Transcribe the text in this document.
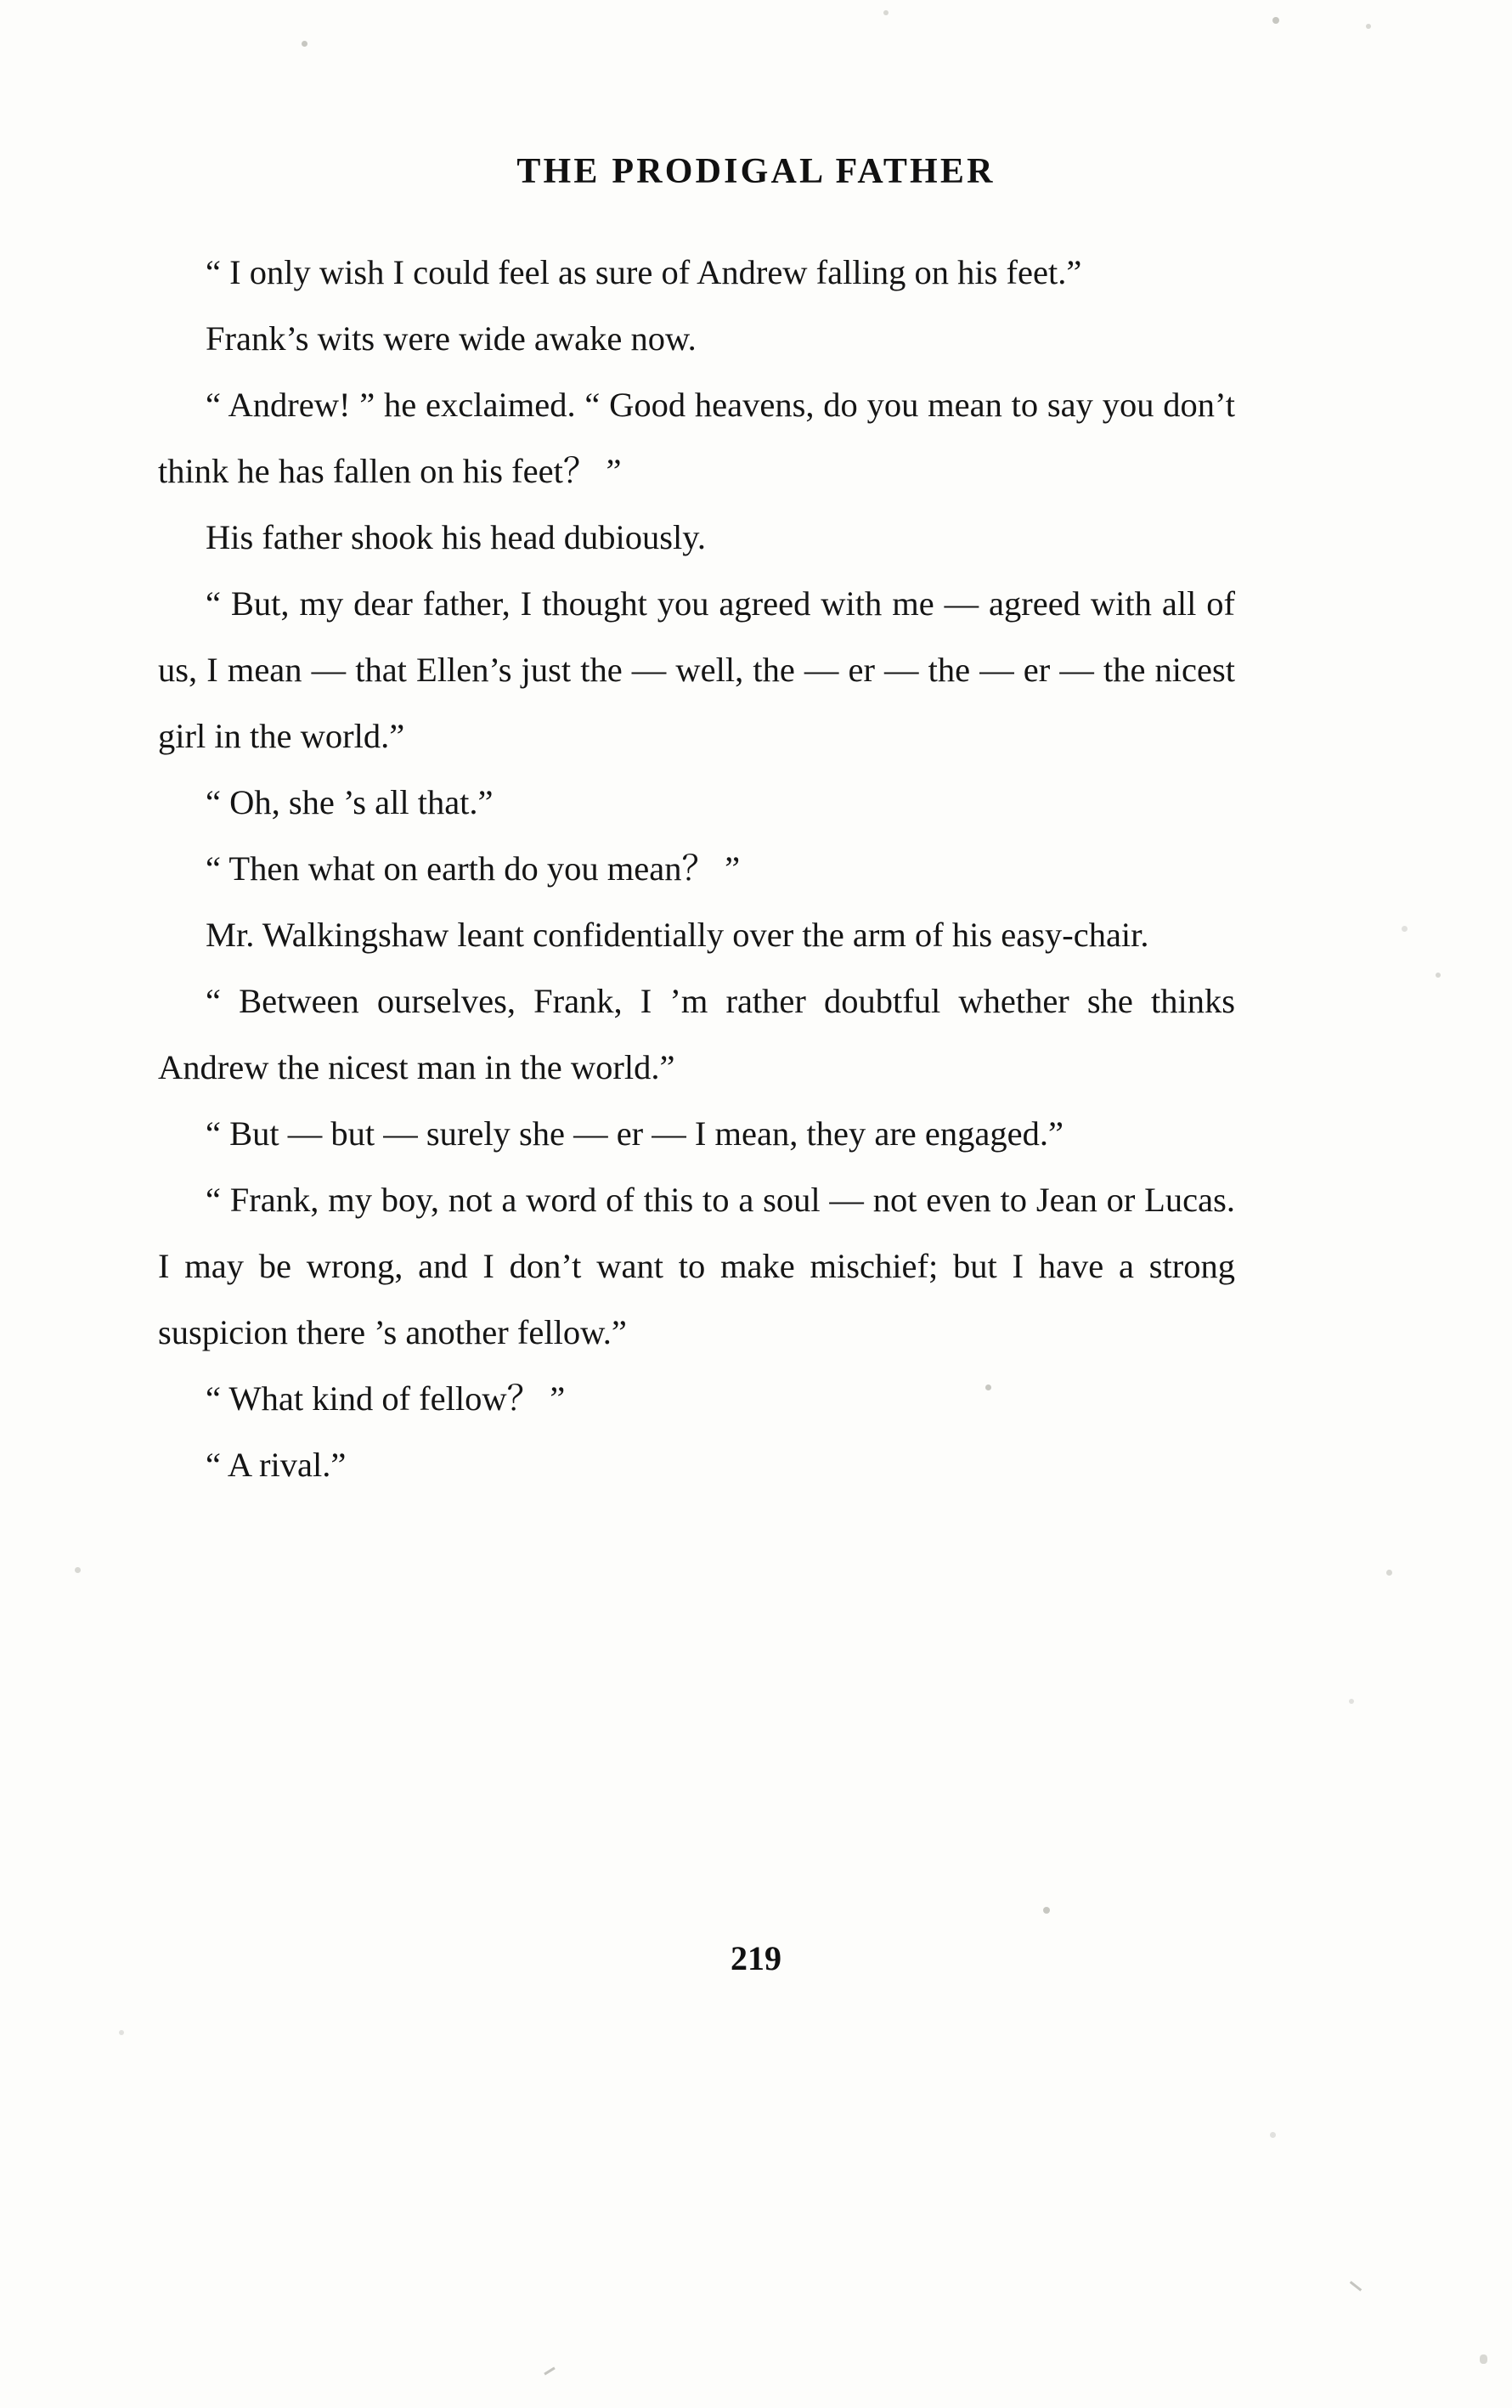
THE PRODIGAL FATHER

“ I only wish I could feel as sure of Andrew falling on his feet.”

Frank’s wits were wide awake now.

“ Andrew! ” he exclaimed. “ Good heavens, do you mean to say you don’t think he has fallen on his feet？ ”

His father shook his head dubiously.

“ But, my dear father, I thought you agreed with me — agreed with all of us, I mean — that Ellen’s just the — well, the — er — the — er — the nicest girl in the world.”

“ Oh, she ’s all that.”

“ Then what on earth do you mean？ ”

Mr. Walkingshaw leant confidentially over the arm of his easy-chair.

“ Between ourselves, Frank, I ’m rather doubtful whether she thinks Andrew the nicest man in the world.”

“ But — but — surely she — er — I mean, they are engaged.”

“ Frank, my boy, not a word of this to a soul — not even to Jean or Lucas. I may be wrong, and I don’t want to make mischief; but I have a strong suspicion there ’s another fellow.”

“ What kind of fellow？ ”

“ A rival.”

219
